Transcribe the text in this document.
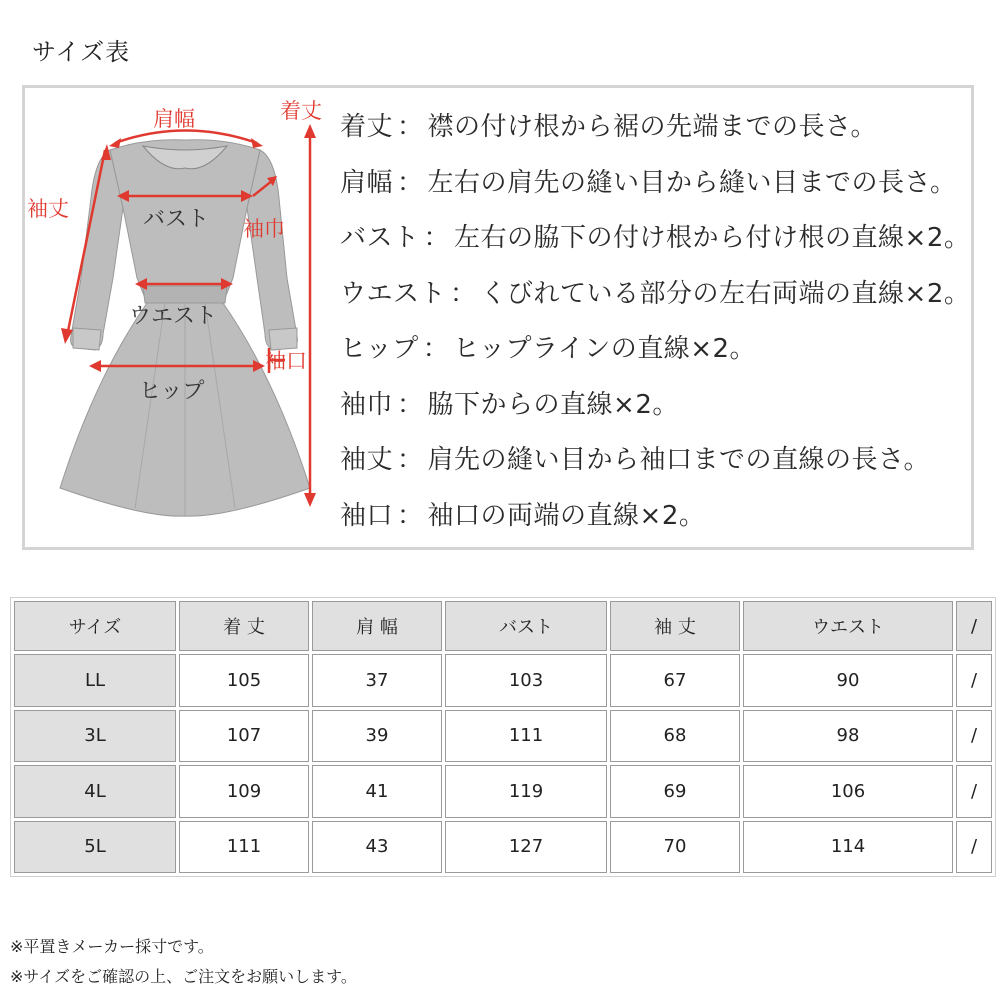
サイズ表
肩幅	着丈
袖丈	バスト 袖巾
ウエスト
袖口
ヒップ
着丈 ： 襟の付け根から裾の先端までの長さ。
肩幅 ： 左右の肩先の縫い目から縫い目までの長さ。
バスト ： 左右の脇下の付け根から付け根の直線×2。
ウエスト ： くびれている部分の左右両端の直線×2。
ヒップ ： ヒップラインの直線×2。
袖巾 ： 脇下からの直線×2。
袖丈 ： 肩先の縫い目から袖口までの直線の長さ。
袖口 ： 袖口の両端の直線×2。
サイズ	着 丈	肩 幅	バスト	袖 丈	ウエスト	/
LL	105	37	103	67	90	/
3L	107	39	111	68	98	/
4L	109	41	119	69	106	/
5L	111	43	127	70	114	/
※平置きメーカー採寸です。
※サイズをご確認の上、ご注文をお願いします。
